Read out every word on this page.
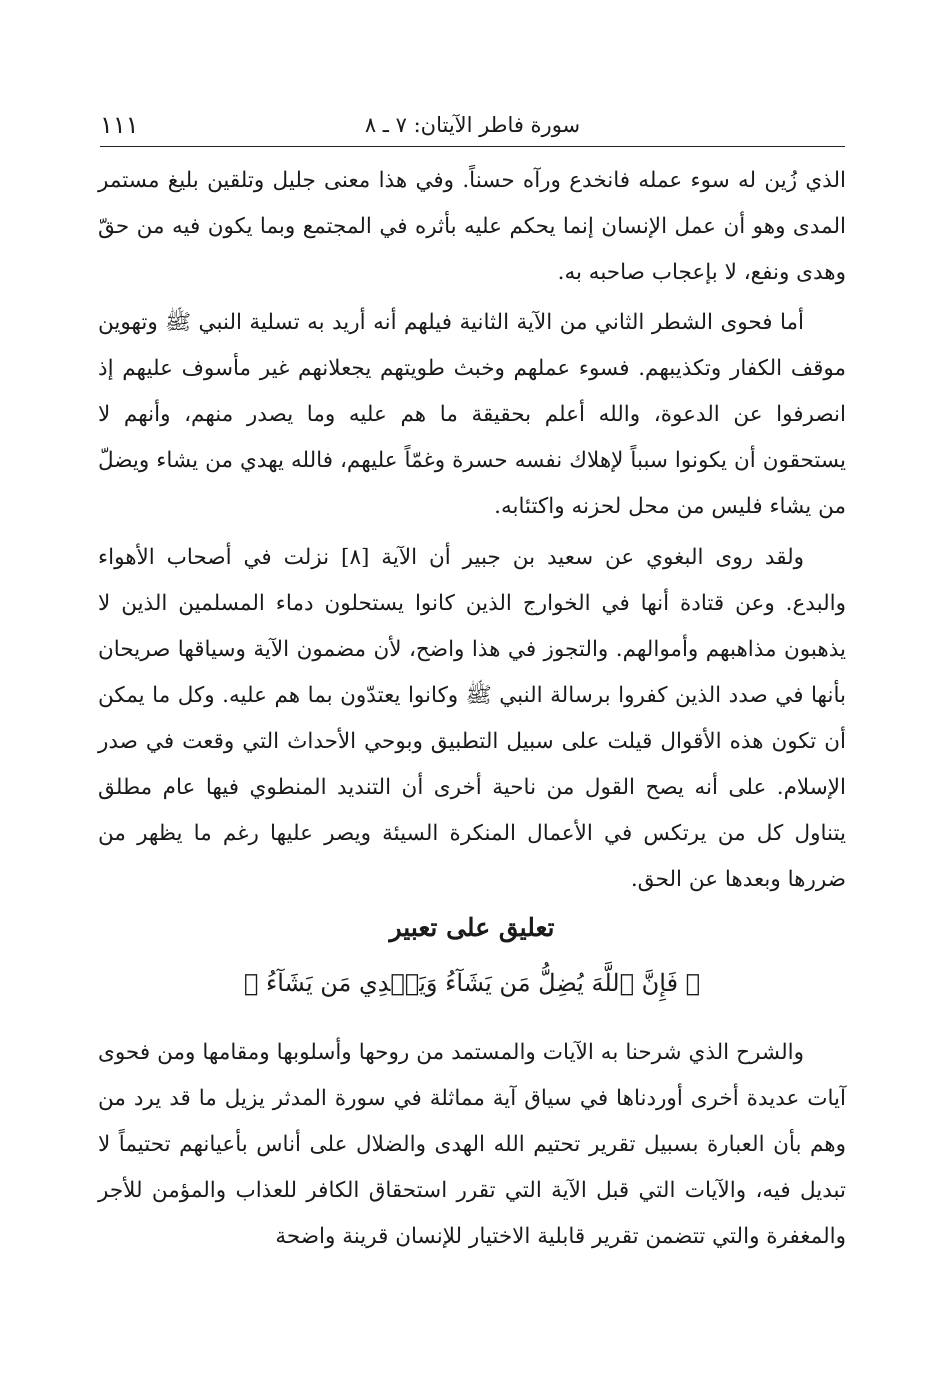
١١١	سورة فاطر الآيتان: ٧ ـ ٨

الذي زُين له سوء عمله فانخدع ورآه حسناً. وفي هذا معنى جليل وتلقين بليغ مستمر المدى وهو أن عمل الإنسان إنما يحكم عليه بأثره في المجتمع وبما يكون فيه من حقّ وهدى ونفع، لا بإعجاب صاحبه به.

أما فحوى الشطر الثاني من الآية الثانية فيلهم أنه أريد به تسلية النبي ﷺ وتهوين موقف الكفار وتكذيبهم. فسوء عملهم وخبث طويتهم يجعلانهم غير مأسوف عليهم إذ انصرفوا عن الدعوة، والله أعلم بحقيقة ما هم عليه وما يصدر منهم، وأنهم لا يستحقون أن يكونوا سبباً لإهلاك نفسه حسرة وغمّاً عليهم، فالله يهدي من يشاء ويضلّ من يشاء فليس من محل لحزنه واكتئابه.

ولقد روى البغوي عن سعيد بن جبير أن الآية [٨] نزلت في أصحاب الأهواء والبدع. وعن قتادة أنها في الخوارج الذين كانوا يستحلون دماء المسلمين الذين لا يذهبون مذاهبهم وأموالهم. والتجوز في هذا واضح، لأن مضمون الآية وسياقها صريحان بأنها في صدد الذين كفروا برسالة النبي ﷺ وكانوا يعتدّون بما هم عليه. وكل ما يمكن أن تكون هذه الأقوال قيلت على سبيل التطبيق وبوحي الأحداث التي وقعت في صدر الإسلام. على أنه يصح القول من ناحية أخرى أن التنديد المنطوي فيها عام مطلق يتناول كل من يرتكس في الأعمال المنكرة السيئة ويصر عليها رغم ما يظهر من ضررها وبعدها عن الحق.

تعليق على تعبير

﴿ فَإِنَّ ٱللَّهَ يُضِلُّ مَن يَشَآءُ وَيَهۡدِي مَن يَشَآءُ ﴾

والشرح الذي شرحنا به الآيات والمستمد من روحها وأسلوبها ومقامها ومن فحوى آيات عديدة أخرى أوردناها في سياق آية مماثلة في سورة المدثر يزيل ما قد يرد من وهم بأن العبارة بسبيل تقرير تحتيم الله الهدى والضلال على أناس بأعيانهم تحتيماً لا تبديل فيه، والآيات التي قبل الآية التي تقرر استحقاق الكافر للعذاب والمؤمن للأجر والمغفرة والتي تتضمن تقرير قابلية الاختيار للإنسان قرينة واضحة
